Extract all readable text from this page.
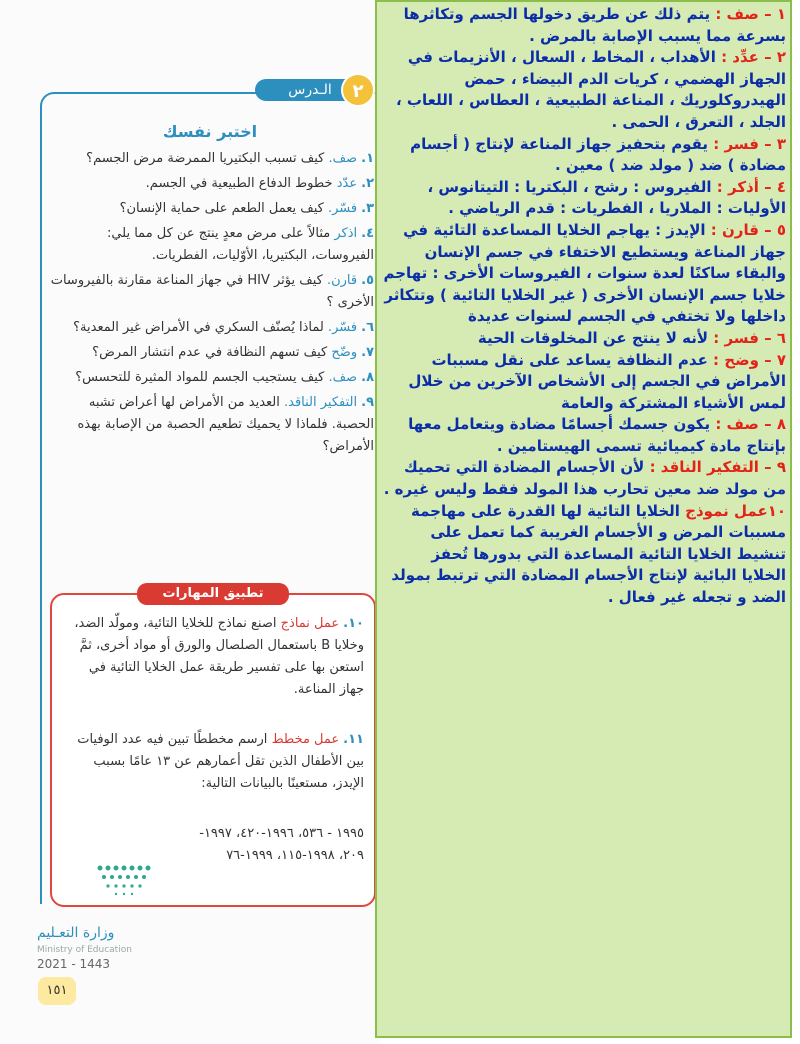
الـدرس	٢
اختبر نفسك
١.صف. كيف تسبب البكتيريا الممرضة مرض الجسم؟
٢.عدّد خطوط الدفاع الطبيعية في الجسم.
٣.فسّر. كيف يعمل الطعم على حماية الإنسان؟
٤.اذكر مثالاً على مرض معدٍ ينتج عن كل مما يلي: الفيروسات، البكتيريا، الأوّليات، الفطريات.
٥.قارن. كيف يؤثر HIV في جهاز المناعة مقارنة بالفيروسات الأخرى ؟
٦.فسّر. لماذا يُصنّف السكري في الأمراض غير المعدية؟
٧.وضّح كيف تسهم النظافة في عدم انتشار المرض؟
٨.صف. كيف يستجيب الجسم للمواد المثيرة للتحسس؟
٩.التفكير الناقد. العديد من الأمراض لها أعراض تشبه الحصبة. فلماذا لا يحميك تطعيم الحصبة من الإصابة بهذه الأمراض؟
تطبيق المهارات

١٠.عمل نماذج اصنع نماذج للخلايا التائية، ومولّد الضد، وخلايا B باستعمال الصلصال والورق أو مواد أخرى، ثمَّ استعن بها على تفسير طريقة عمل الخلايا التائية في جهاز المناعة.

١١.عمل مخطط ارسم مخططًا تبين فيه عدد الوفيات بين الأطفال الذين تقل أعمارهم عن ١٣ عامًا بسبب الإيدز، مستعينًا بالبيانات التالية:

١٩٩٥ - ٥٣٦، ١٩٩٦-٤٢٠، ١٩٩٧-

٢٠٩، ١٩٩٨-١١٥، ١٩٩٩-٧٦

وزارة التعـليم
Ministry of Education
2021 - 1443
١٥١
١ – صف : يتم ذلك عن طريق دخولها الجسم وتكاثرها بسرعة مما يسبب الإصابة بالمرض .
٢ – عدِّد : الأهداب ، المخاط ، السعال ، الأنزيمات في الجهاز الهضمي ، كريات الدم البيضاء ، حمض الهيدروكلوريك ، المناعة الطبيعية ، العطاس ، اللعاب ، الجلد ، التعرق ، الحمى .
٣ – فسر : يقوم بتحفيز جهاز المناعة لإنتاج ( أجسام مضادة ) ضد ( مولد ضد ) معين .
٤ – أذكر : الفيروس : رشح ، البكتريا : التيتانوس ، الأوليات : الملاريا ، الفطريات : قدم الرياضي .
٥ – قارن : الإيدز : يهاجم الخلايا المساعدة التائية في جهاز المناعة ويستطيع الاختفاء في جسم الإنسان والبقاء ساكنًا لعدة سنوات ، الفيروسات الأخرى : تهاجم خلايا جسم الإنسان الأخرى ( غير الخلايا التائية ) وتتكاثر داخلها ولا تختفي في الجسم لسنوات عديدة
٦ – فسر : لأنه لا ينتج عن المخلوقات الحية
٧ – وضح : عدم النظافة يساعد على نقل مسببات الأمراض في الجسم إلى الأشخاص الآخرين من خلال لمس الأشياء المشتركة والعامة
٨ – صف : يكون جسمك أجسامًا مضادة ويتعامل معها بإنتاج مادة كيميائية تسمى الهيستامين .
٩ – التفكير الناقد : لأن الأجسام المضادة التي تحميك من مولد ضد معين تحارب هذا المولد فقط وليس غيره .
١٠عمل نموذج الخلايا التائية لها القدرة على مهاجمة مسببات المرض و الأجسام الغريبة كما تعمل على تنشيط الخلايا التائية المساعدة التي بدورها تُحفز الخلايا البائية لإنتاج الأجسام المضادة التي ترتبط بمولد الضد و تجعله غير فعال .
